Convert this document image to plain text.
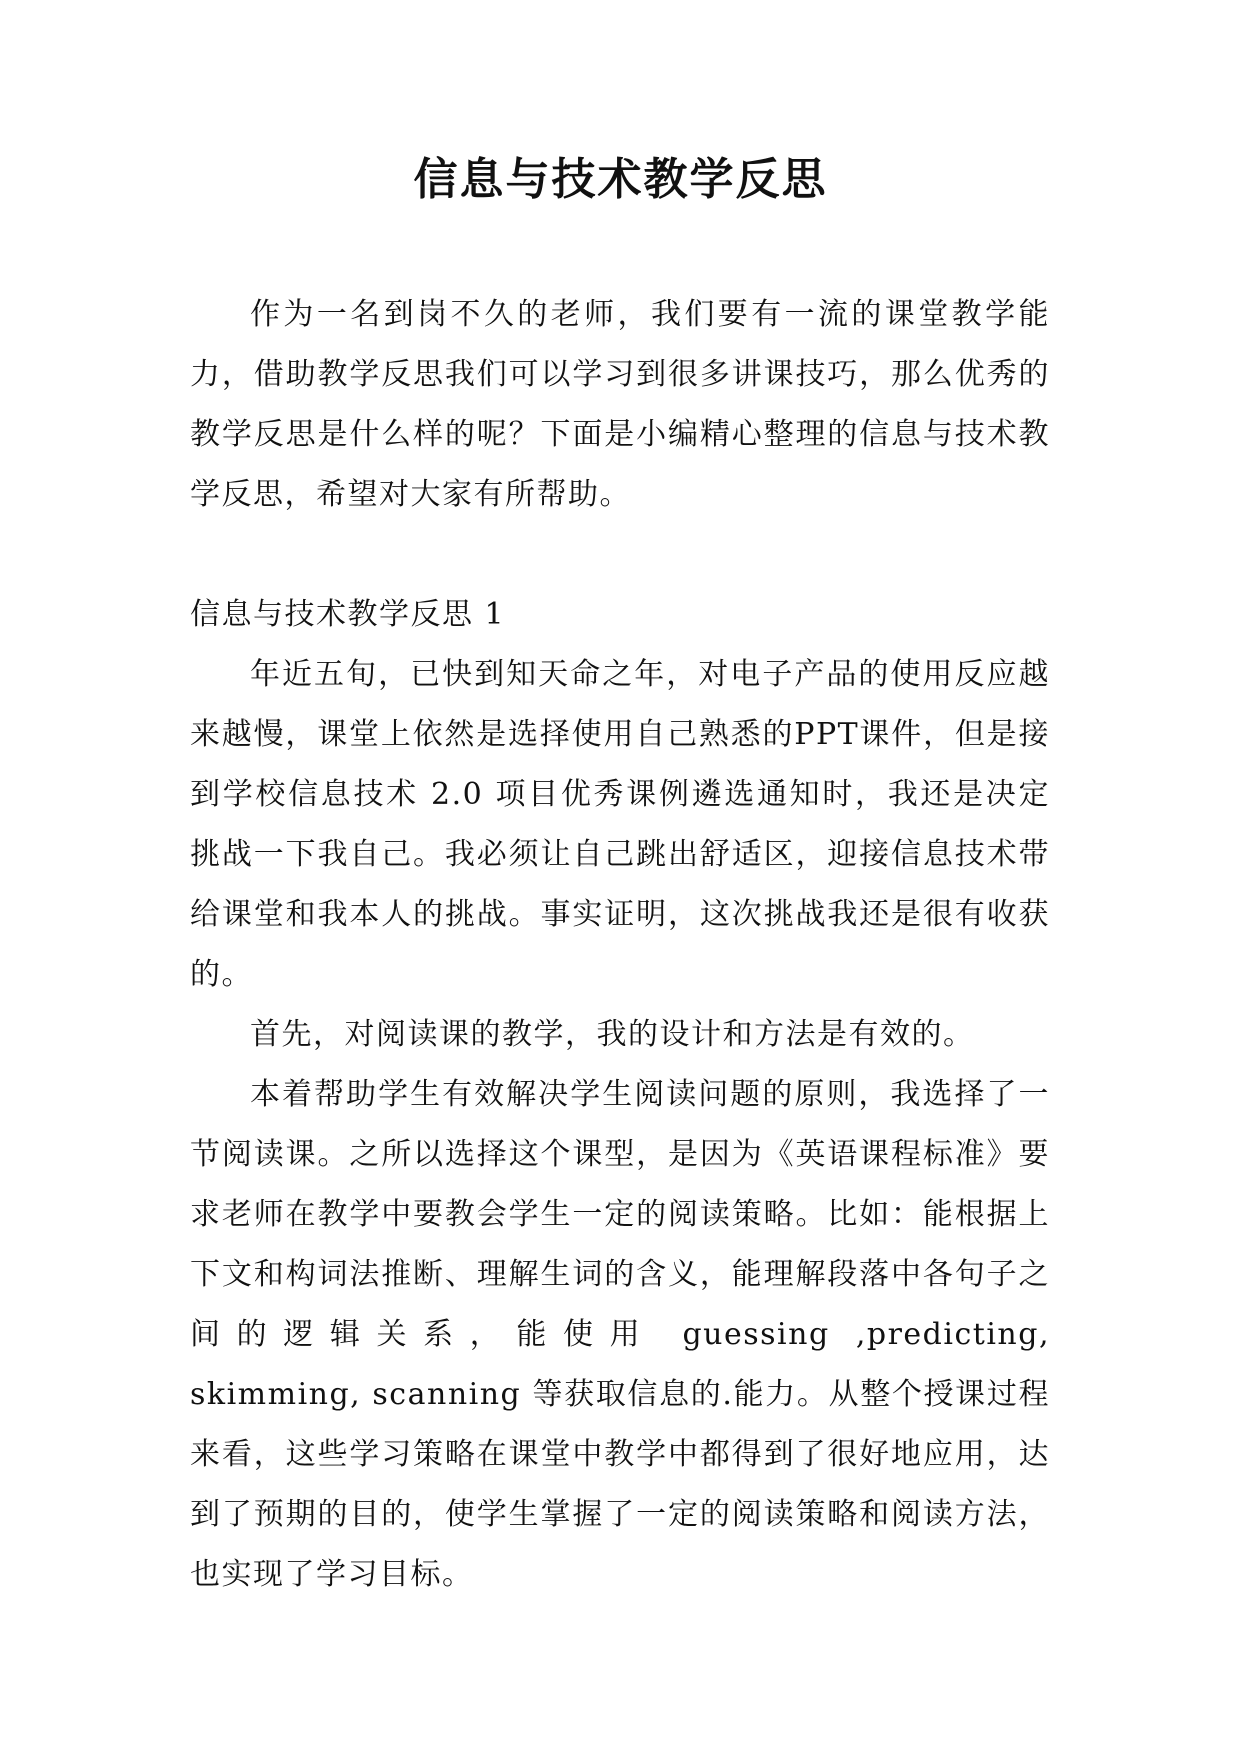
信息与技术教学反思

作为一名到岗不久的老师，我们要有一流的课堂教学能力，借助教学反思我们可以学习到很多讲课技巧，那么优秀的教学反思是什么样的呢？下面是小编精心整理的信息与技术教学反思，希望对大家有所帮助。

信息与技术教学反思 1

年近五旬，已快到知天命之年，对电子产品的使用反应越来越慢，课堂上依然是选择使用自己熟悉的PPT课件，但是接到学校信息技术 2.0 项目优秀课例遴选通知时，我还是决定挑战一下我自己。我必须让自己跳出舒适区，迎接信息技术带给课堂和我本人的挑战。事实证明，这次挑战我还是很有收获的。

首先，对阅读课的教学，我的设计和方法是有效的。

本着帮助学生有效解决学生阅读问题的原则，我选择了一节阅读课。之所以选择这个课型，是因为《英语课程标准》要求老师在教学中要教会学生一定的阅读策略。比如：能根据上下文和构词法推断、理解生词的含义，能理解段落中各句子之间的逻辑关系，能使用 guessing ,predicting, skimming, scanning 等获取信息的.能力。从整个授课过程来看，这些学习策略在课堂中教学中都得到了很好地应用，达到了预期的目的，使学生掌握了一定的阅读策略和阅读方法，也实现了学习目标。
